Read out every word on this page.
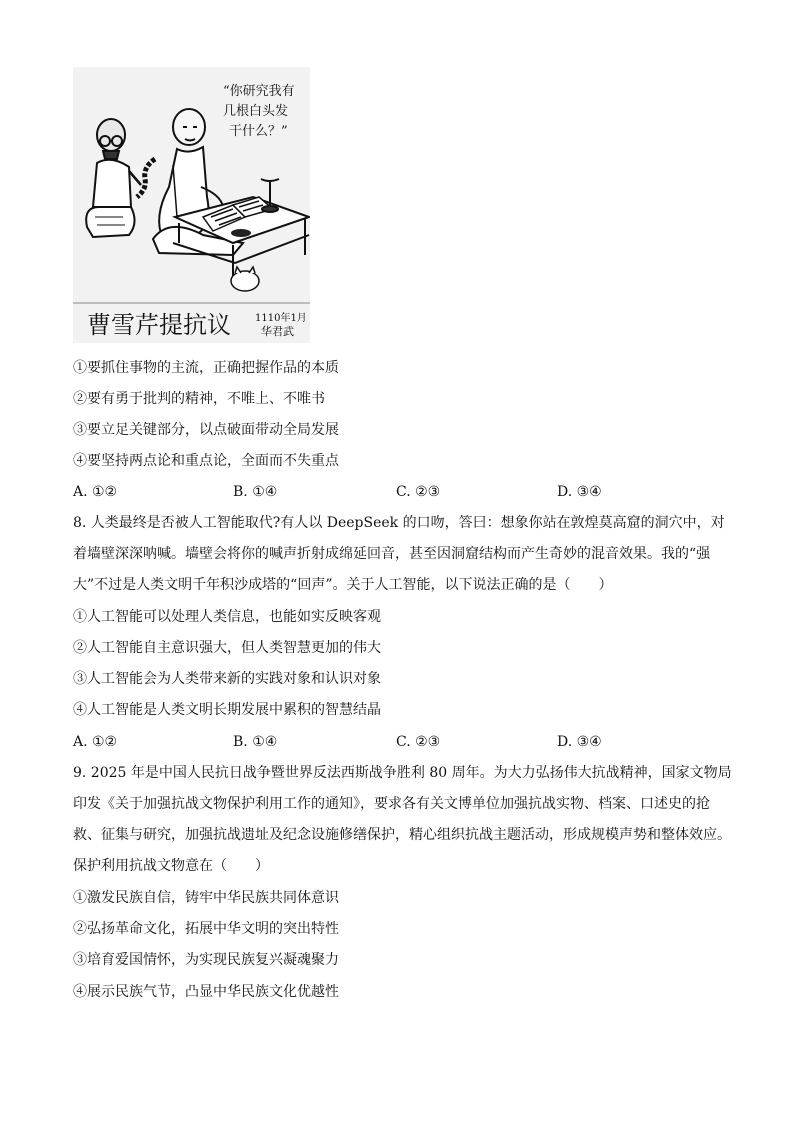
“你研究我有
几根白头发
干什么？”
曹雪芹提抗议 1110年1月
华君武
①要抓住事物的主流，正确把握作品的本质
②要有勇于批判的精神，不唯上、不唯书
③要立足关键部分，以点破面带动全局发展
④要坚持两点论和重点论，全面而不失重点
A. ①②	B. ①④	C. ②③	D. ③④
8. 人类最终是否被人工智能取代?有人以 DeepSeek 的口吻，答曰：想象你站在敦煌莫高窟的洞穴中，对着墙壁深深呐喊。墙壁会将你的喊声折射成绵延回音，甚至因洞窟结构而产生奇妙的混音效果。我的“强大”不过是人类文明千年积沙成塔的“回声”。关于人工智能，以下说法正确的是（　　）
①人工智能可以处理人类信息，也能如实反映客观
②人工智能自主意识强大，但人类智慧更加的伟大
③人工智能会为人类带来新的实践对象和认识对象
④人工智能是人类文明长期发展中累积的智慧结晶
A. ①②	B. ①④	C. ②③	D. ③④
9. 2025 年是中国人民抗日战争暨世界反法西斯战争胜利 80 周年。为大力弘扬伟大抗战精神，国家文物局印发《关于加强抗战文物保护利用工作的通知》，要求各有关文博单位加强抗战实物、档案、口述史的抢救、征集与研究，加强抗战遗址及纪念设施修缮保护，精心组织抗战主题活动，形成规模声势和整体效应。保护利用抗战文物意在（　　）
①激发民族自信，铸牢中华民族共同体意识
②弘扬革命文化，拓展中华文明的突出特性
③培育爱国情怀，为实现民族复兴凝魂聚力
④展示民族气节，凸显中华民族文化优越性
